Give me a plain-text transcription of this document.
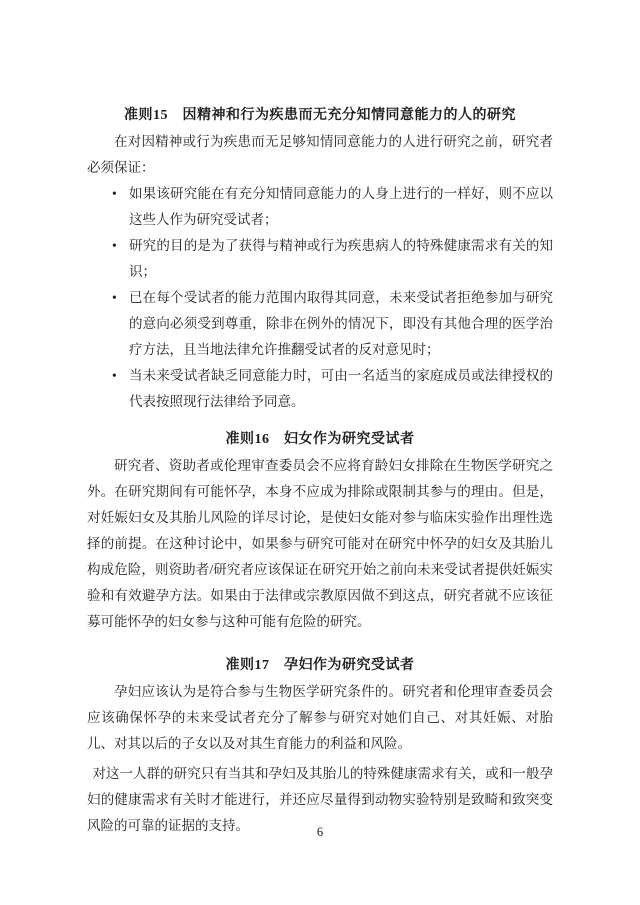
准则15　因精神和行为疾患而无充分知情同意能力的人的研究

在对因精神或行为疾患而无足够知情同意能力的人进行研究之前，研究者必须保证：

• 如果该研究能在有充分知情同意能力的人身上进行的一样好，则不应以这些人作为研究受试者；
• 研究的目的是为了获得与精神或行为疾患病人的特殊健康需求有关的知识；
• 已在每个受试者的能力范围内取得其同意，未来受试者拒绝参加与研究的意向必须受到尊重，除非在例外的情况下，即没有其他合理的医学治疗方法，且当地法律允许推翻受试者的反对意见时；
• 当未来受试者缺乏同意能力时，可由一名适当的家庭成员或法律授权的代表按照现行法律给予同意。
准则16　妇女作为研究受试者

研究者、资助者或伦理审查委员会不应将育龄妇女排除在生物医学研究之外。在研究期间有可能怀孕，本身不应成为排除或限制其参与的理由。但是，对妊娠妇女及其胎儿风险的详尽讨论，是使妇女能对参与临床实验作出理性选择的前提。在这种讨论中，如果参与研究可能对在研究中怀孕的妇女及其胎儿构成危险，则资助者/研究者应该保证在研究开始之前向未来受试者提供妊娠实验和有效避孕方法。如果由于法律或宗教原因做不到这点，研究者就不应该征募可能怀孕的妇女参与这种可能有危险的研究。

准则17　孕妇作为研究受试者

孕妇应该认为是符合参与生物医学研究条件的。研究者和伦理审查委员会应该确保怀孕的未来受试者充分了解参与研究对她们自己、对其妊娠、对胎儿、对其以后的子女以及对其生育能力的利益和风险。

对这一人群的研究只有当其和孕妇及其胎儿的特殊健康需求有关，或和一般孕妇的健康需求有关时才能进行，并还应尽量得到动物实验特别是致畸和致突变风险的可靠的证据的支持。	6
